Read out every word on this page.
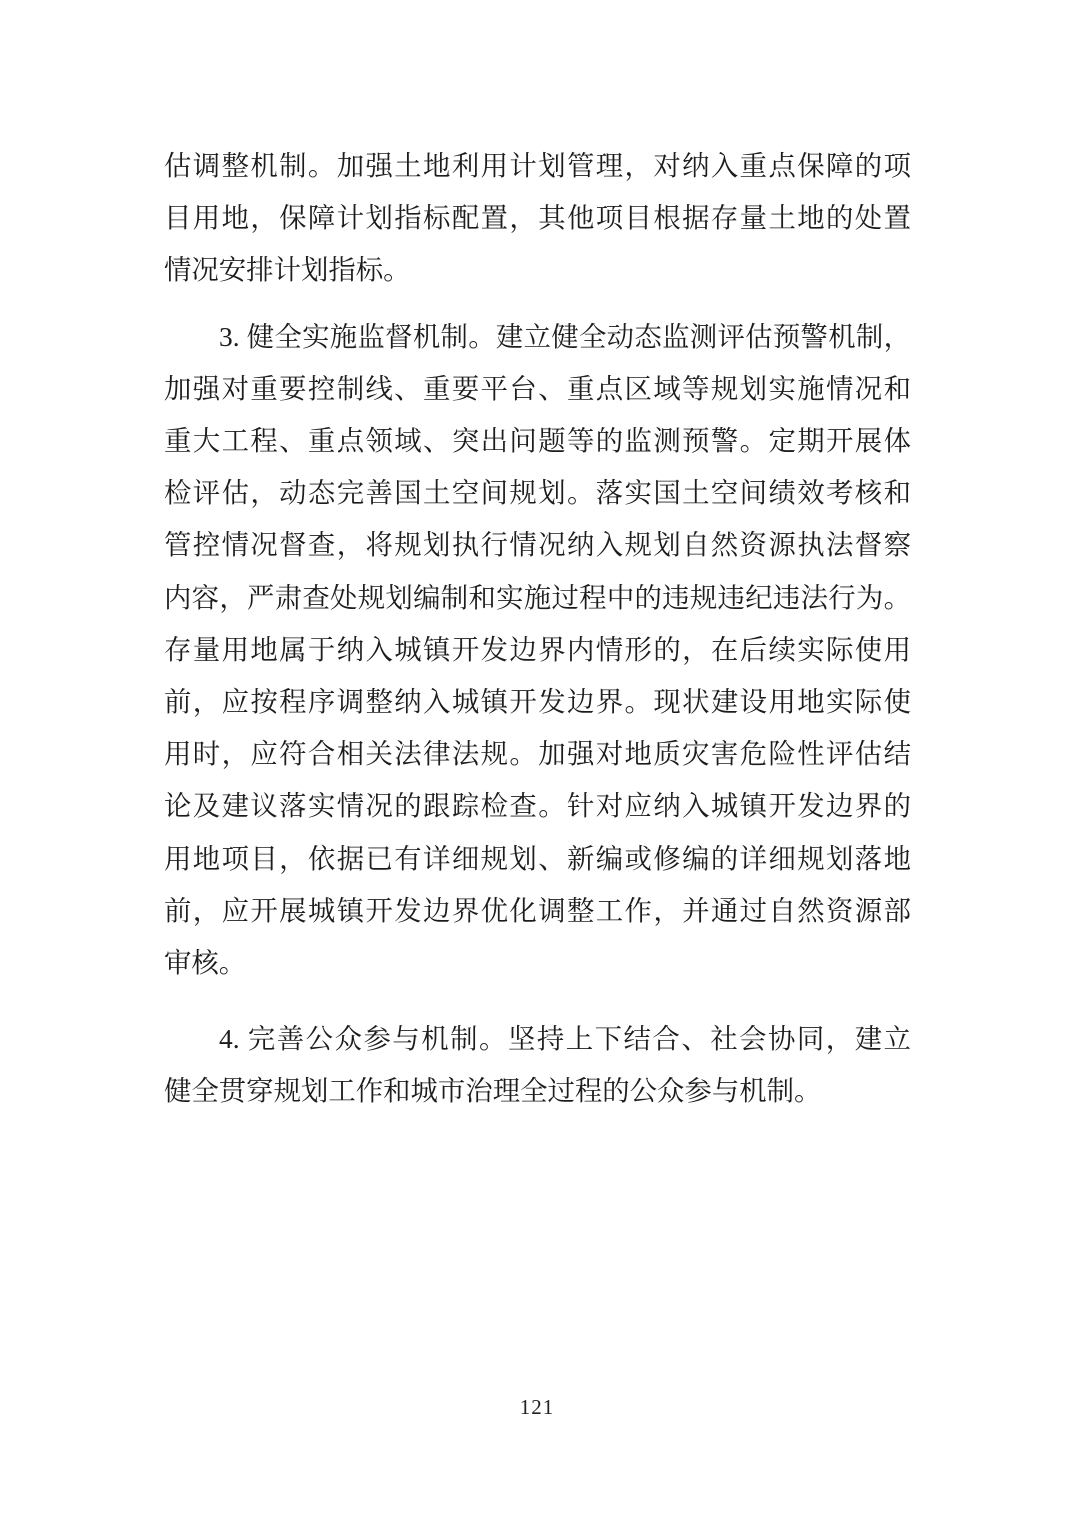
估调整机制。加强土地利用计划管理，对纳入重点保障的项
目用地，保障计划指标配置，其他项目根据存量土地的处置
情况安排计划指标。
3. 健全实施监督机制。建立健全动态监测评估预警机制，
加强对重要控制线、重要平台、重点区域等规划实施情况和
重大工程、重点领域、突出问题等的监测预警。定期开展体
检评估，动态完善国土空间规划。落实国土空间绩效考核和
管控情况督查，将规划执行情况纳入规划自然资源执法督察
内容，严肃查处规划编制和实施过程中的违规违纪违法行为。
存量用地属于纳入城镇开发边界内情形的，在后续实际使用
前，应按程序调整纳入城镇开发边界。现状建设用地实际使
用时，应符合相关法律法规。加强对地质灾害危险性评估结
论及建议落实情况的跟踪检查。针对应纳入城镇开发边界的
用地项目，依据已有详细规划、新编或修编的详细规划落地
前，应开展城镇开发边界优化调整工作，并通过自然资源部
审核。
4. 完善公众参与机制。坚持上下结合、社会协同，建立
健全贯穿规划工作和城市治理全过程的公众参与机制。
121
